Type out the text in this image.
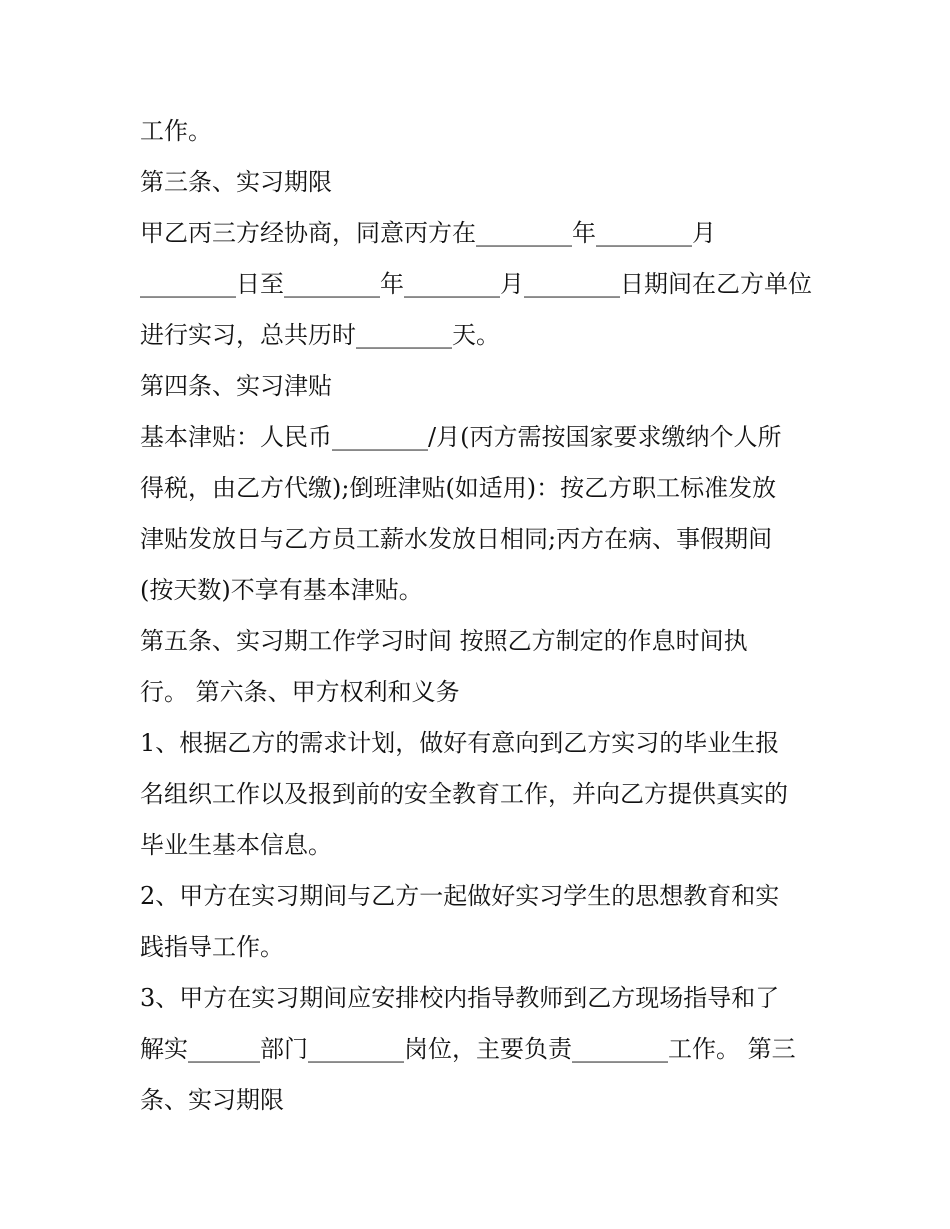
工作。
第三条、实习期限
甲乙丙三方经协商，同意丙方在________年________月
________日至________年________月________日期间在乙方单位
进行实习，总共历时________天。
第四条、实习津贴
基本津贴：人民币________/月(丙方需按国家要求缴纳个人所
得税，由乙方代缴);倒班津贴(如适用)：按乙方职工标准发放
津贴发放日与乙方员工薪水发放日相同;丙方在病、事假期间
(按天数)不享有基本津贴。
第五条、实习期工作学习时间 按照乙方制定的作息时间执
行。 第六条、甲方权利和义务
1、根据乙方的需求计划，做好有意向到乙方实习的毕业生报
名组织工作以及报到前的安全教育工作，并向乙方提供真实的
毕业生基本信息。
2、甲方在实习期间与乙方一起做好实习学生的思想教育和实
践指导工作。
3、甲方在实习期间应安排校内指导教师到乙方现场指导和了
解实______部门________岗位，主要负责________工作。 第三
条、实习期限
